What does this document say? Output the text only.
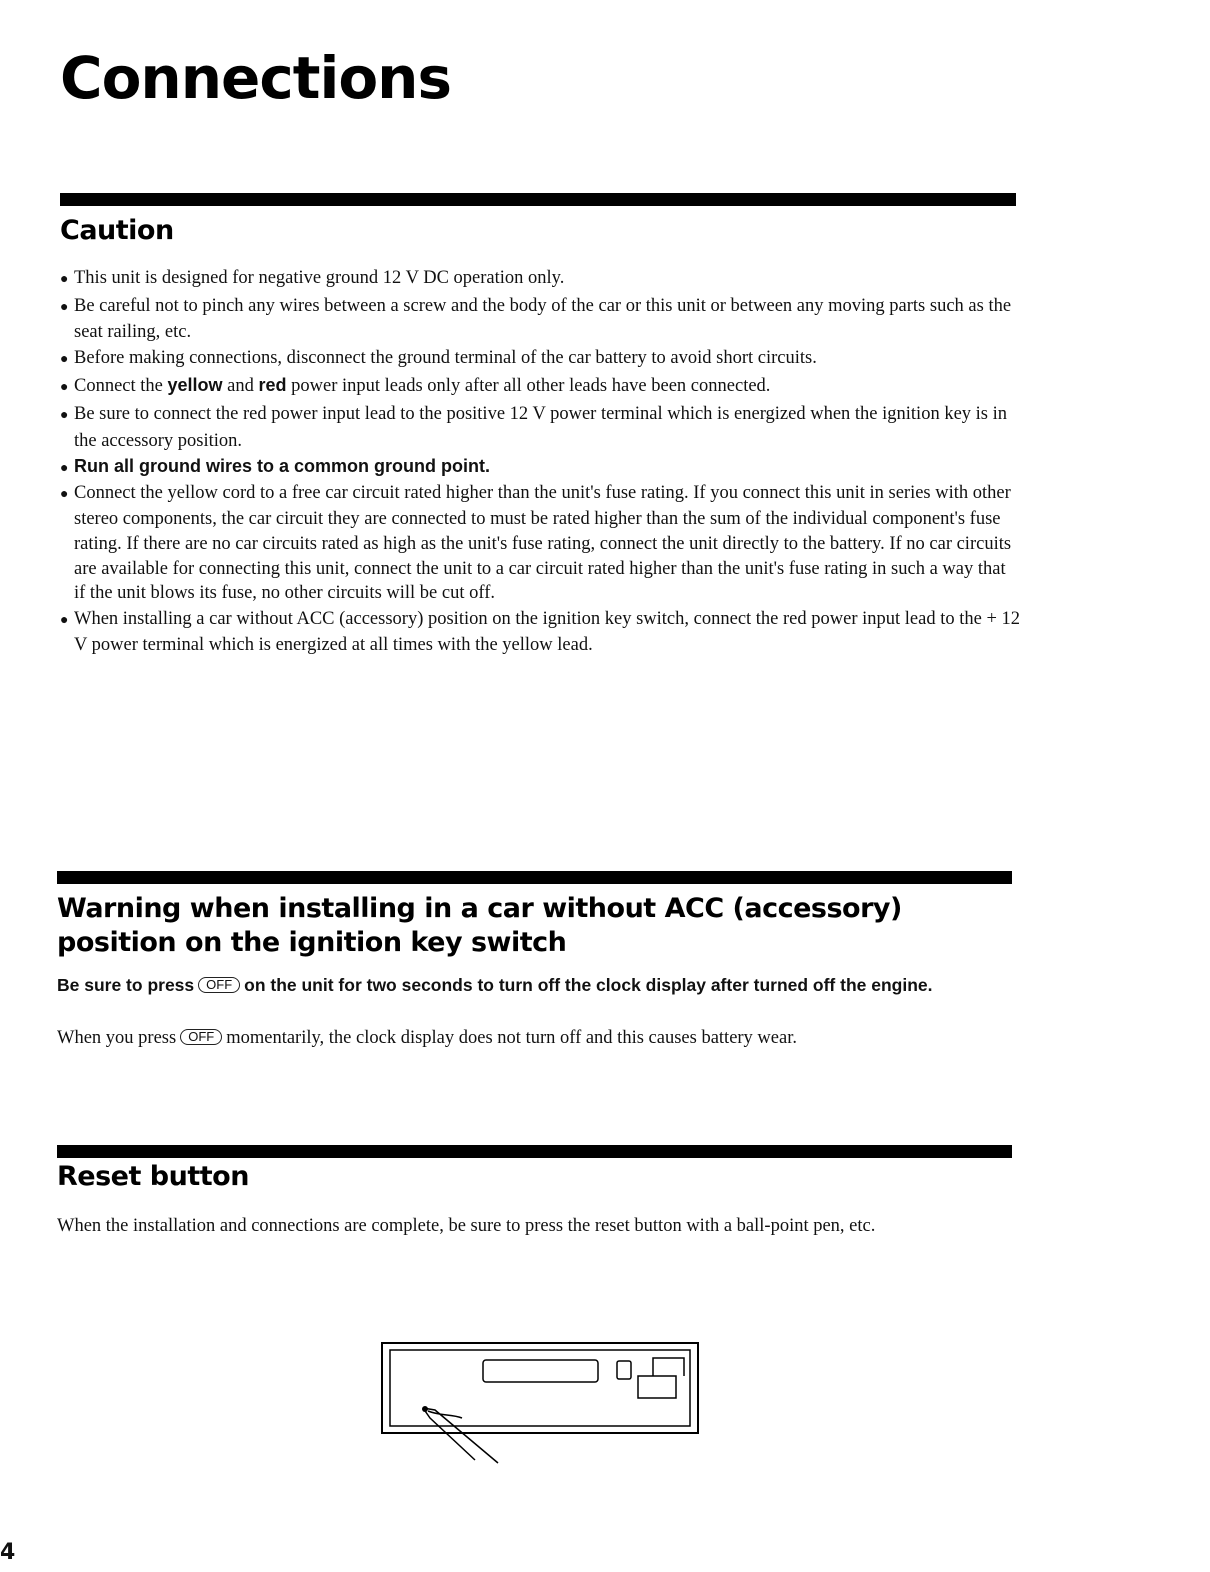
Connections
Caution
● This unit is designed for negative ground 12 V DC operation only.
● Be careful not to pinch any wires between a screw and the body of the car or this unit or between any moving parts such as the seat railing, etc.
● Before making connections, disconnect the ground terminal of the car battery to avoid short circuits.
● Connect the yellow and red power input leads only after all other leads have been connected.
● Be sure to connect the red power input lead to the positive 12 V power terminal which is energized when the ignition key is in the accessory position.
● Run all ground wires to a common ground point.
● Connect the yellow cord to a free car circuit rated higher than the unit's fuse rating. If you connect this unit in series with other stereo components, the car circuit they are connected to must be rated higher than the sum of the individual component's fuse rating. If there are no car circuits rated as high as the unit's fuse rating, connect the unit directly to the battery. If no car circuits are available for connecting this unit, connect the unit to a car circuit rated higher than the unit's fuse rating in such a way that if the unit blows its fuse, no other circuits will be cut off.
● When installing a car without ACC (accessory) position on the ignition key switch, connect the red power input lead to the + 12 V power terminal which is energized at all times with the yellow lead.
Warning when installing in a car without ACC (accessory) position on the ignition key switch

Be sure to press OFF on the unit for two seconds to turn off the clock display after turned off the engine.

When you press OFF momentarily, the clock display does not turn off and this causes battery wear.

Reset button

When the installation and connections are complete, be sure to press the reset button with a ball-point pen, etc.

4
